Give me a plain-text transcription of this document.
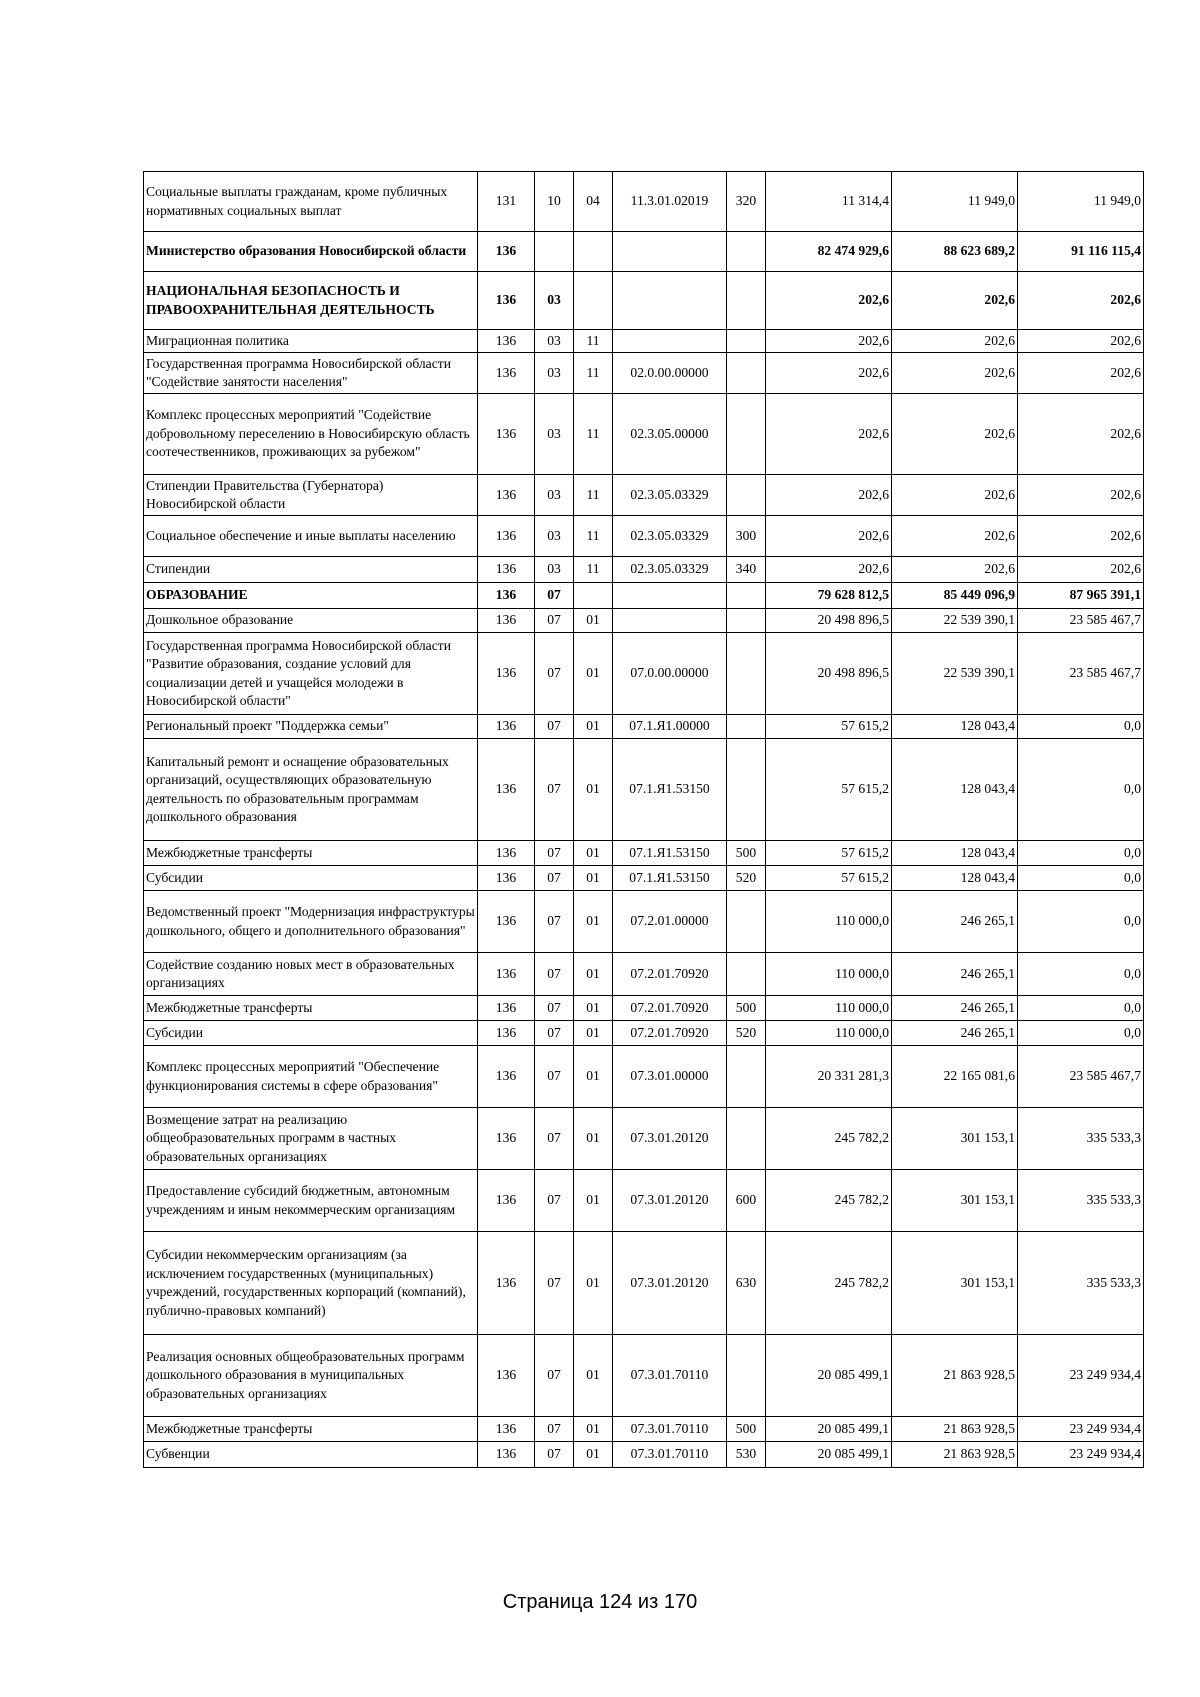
Социальные выплаты гражданам, кроме публичных нормативных социальных выплат	131	10	04	11.3.01.02019	320	11 314,4	11 949,0	11 949,0
Министерство образования Новосибирской области	136					82 474 929,6	88 623 689,2	91 116 115,4
НАЦИОНАЛЬНАЯ БЕЗОПАСНОСТЬ И ПРАВООХРАНИТЕЛЬНАЯ ДЕЯТЕЛЬНОСТЬ	136	03				202,6	202,6	202,6
Миграционная политика	136	03	11			202,6	202,6	202,6
Государственная программа Новосибирской области "Содействие занятости населения"	136	03	11	02.0.00.00000		202,6	202,6	202,6
Комплекс процессных мероприятий "Содействие добровольному переселению в Новосибирскую область соотечественников, проживающих за рубежом"	136	03	11	02.3.05.00000		202,6	202,6	202,6
Стипендии Правительства (Губернатора) Новосибирской области	136	03	11	02.3.05.03329		202,6	202,6	202,6
Социальное обеспечение и иные выплаты населению	136	03	11	02.3.05.03329	300	202,6	202,6	202,6
Стипендии	136	03	11	02.3.05.03329	340	202,6	202,6	202,6
ОБРАЗОВАНИЕ	136	07				79 628 812,5	85 449 096,9	87 965 391,1
Дошкольное образование	136	07	01			20 498 896,5	22 539 390,1	23 585 467,7
Государственная программа Новосибирской области "Развитие образования, создание условий для социализации детей и учащейся молодежи в Новосибирской области"	136	07	01	07.0.00.00000		20 498 896,5	22 539 390,1	23 585 467,7
Региональный проект "Поддержка семьи"	136	07	01	07.1.Я1.00000		57 615,2	128 043,4	0,0
Капитальный ремонт и оснащение образовательных организаций, осуществляющих образовательную деятельность по образовательным программам дошкольного образования	136	07	01	07.1.Я1.53150		57 615,2	128 043,4	0,0
Межбюджетные трансферты	136	07	01	07.1.Я1.53150	500	57 615,2	128 043,4	0,0
Субсидии	136	07	01	07.1.Я1.53150	520	57 615,2	128 043,4	0,0
Ведомственный проект "Модернизация инфраструктуры дошкольного, общего и дополнительного образования"	136	07	01	07.2.01.00000		110 000,0	246 265,1	0,0
Содействие созданию новых мест в образовательных организациях	136	07	01	07.2.01.70920		110 000,0	246 265,1	0,0
Межбюджетные трансферты	136	07	01	07.2.01.70920	500	110 000,0	246 265,1	0,0
Субсидии	136	07	01	07.2.01.70920	520	110 000,0	246 265,1	0,0
Комплекс процессных мероприятий "Обеспечение функционирования системы в сфере образования"	136	07	01	07.3.01.00000		20 331 281,3	22 165 081,6	23 585 467,7
Возмещение затрат на реализацию общеобразовательных программ в частных образовательных организациях	136	07	01	07.3.01.20120		245 782,2	301 153,1	335 533,3
Предоставление субсидий бюджетным, автономным учреждениям и иным некоммерческим организациям	136	07	01	07.3.01.20120	600	245 782,2	301 153,1	335 533,3
Субсидии некоммерческим организациям (за исключением государственных (муниципальных) учреждений, государственных корпораций (компаний), публично-правовых компаний)	136	07	01	07.3.01.20120	630	245 782,2	301 153,1	335 533,3
Реализация основных общеобразовательных программ дошкольного образования в муниципальных образовательных организациях	136	07	01	07.3.01.70110		20 085 499,1	21 863 928,5	23 249 934,4
Межбюджетные трансферты	136	07	01	07.3.01.70110	500	20 085 499,1	21 863 928,5	23 249 934,4
Субвенции	136	07	01	07.3.01.70110	530	20 085 499,1	21 863 928,5	23 249 934,4
Страница 124 из 170
